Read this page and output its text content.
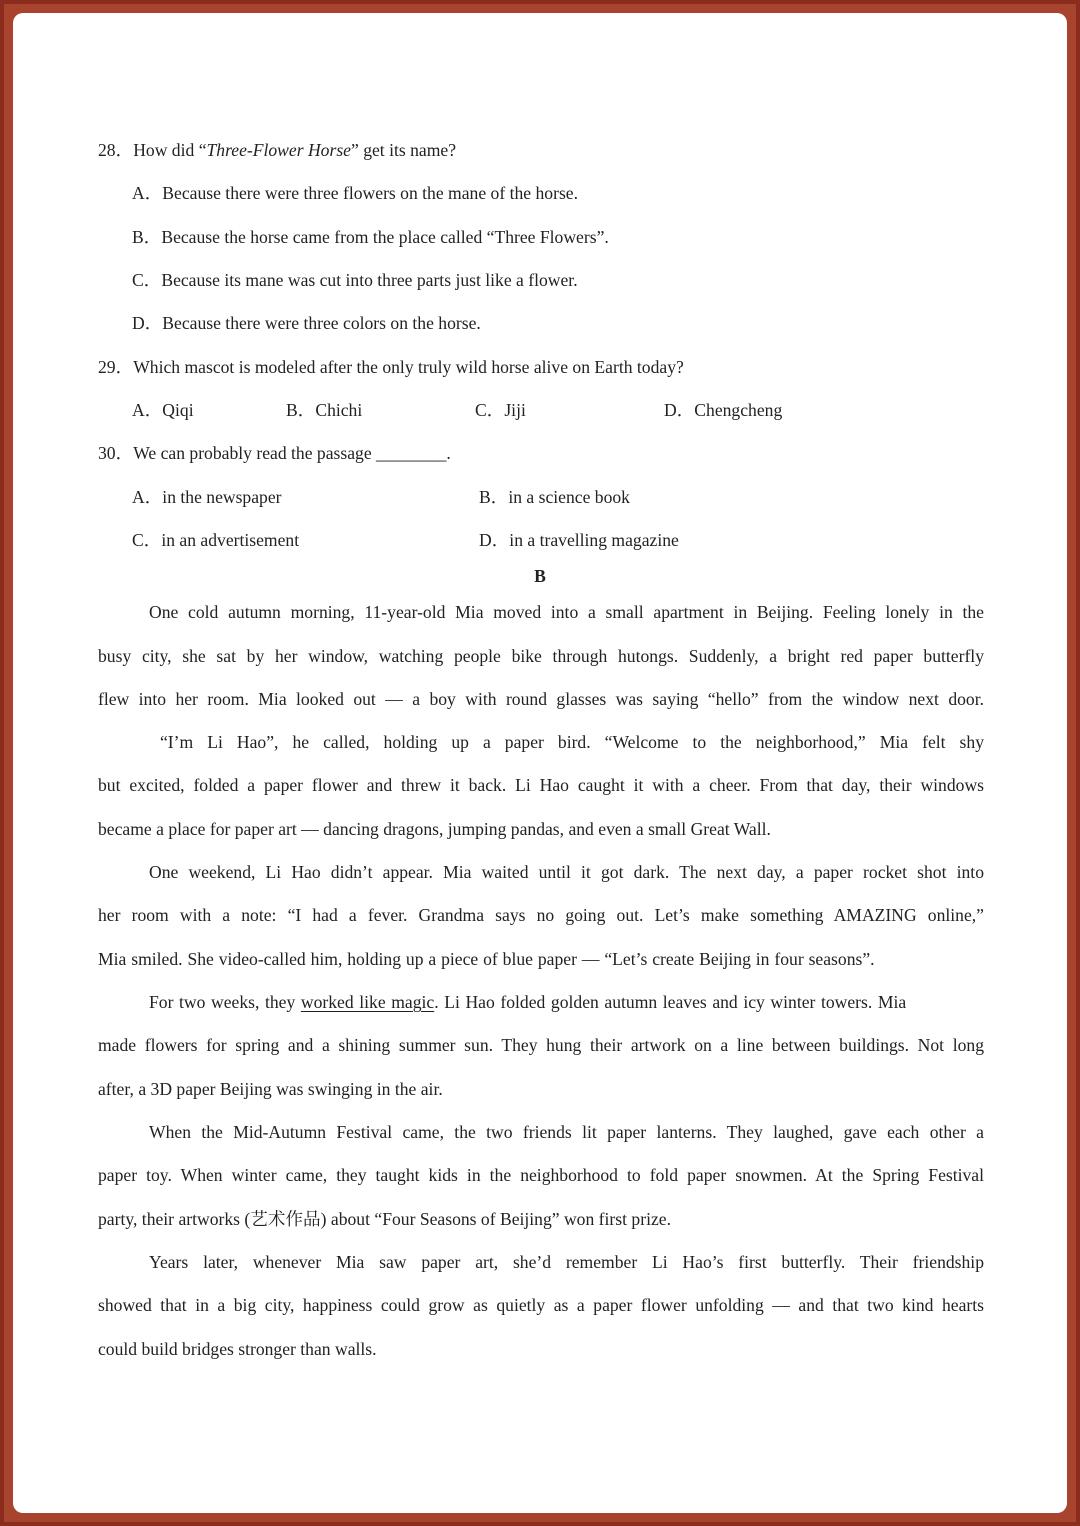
28．How did “Three-Flower Horse” get its name?
A．Because there were three flowers on the mane of the horse.
B．Because the horse came from the place called “Three Flowers”.
C．Because its mane was cut into three parts just like a flower.
D．Because there were three colors on the horse.
29．Which mascot is modeled after the only truly wild horse alive on Earth today?
A．Qiqi	B．Chichi	C．Jiji	D．Chengcheng
30．We can probably read the passage ________.
A．in the newspaper	B．in a science book
C．in an advertisement	D．in a travelling magazine
B
One cold autumn morning, 11-year-old Mia moved into a small apartment in Beijing. Feeling lonely in the
busy city, she sat by her window, watching people bike through hutongs. Suddenly, a bright red paper butterfly
flew into her room. Mia looked out — a boy with round glasses was saying “hello” from the window next door.
“I’m Li Hao”, he called, holding up a paper bird. “Welcome to the neighborhood,” Mia felt shy
but excited, folded a paper flower and threw it back. Li Hao caught it with a cheer. From that day, their windows
became a place for paper art — dancing dragons, jumping pandas, and even a small Great Wall.
One weekend, Li Hao didn’t appear. Mia waited until it got dark. The next day, a paper rocket shot into
her room with a note: “I had a fever. Grandma says no going out. Let’s make something AMAZING online,”
Mia smiled. She video-called him, holding up a piece of blue paper — “Let’s create Beijing in four seasons”.
For two weeks, they worked like magic. Li Hao folded golden autumn leaves and icy winter towers. Mia
made flowers for spring and a shining summer sun. They hung their artwork on a line between buildings. Not long
after, a 3D paper Beijing was swinging in the air.
When the Mid-Autumn Festival came, the two friends lit paper lanterns. They laughed, gave each other a
paper toy. When winter came, they taught kids in the neighborhood to fold paper snowmen. At the Spring Festival
party, their artworks (艺术作品) about “Four Seasons of Beijing” won first prize.
Years later, whenever Mia saw paper art, she’d remember Li Hao’s first butterfly. Their friendship
showed that in a big city, happiness could grow as quietly as a paper flower unfolding — and that two kind hearts
could build bridges stronger than walls.
